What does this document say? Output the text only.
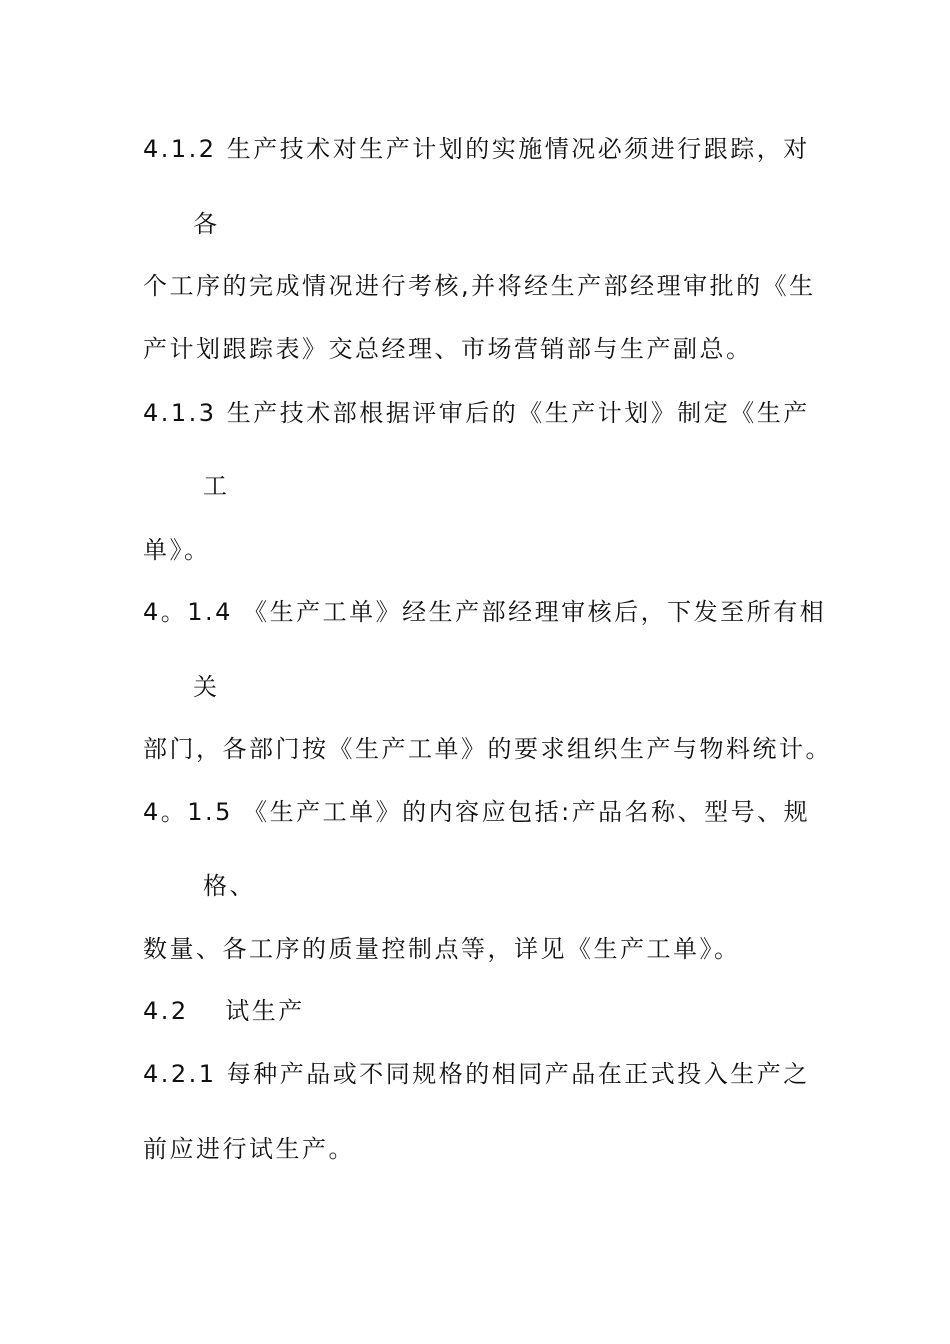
4.1.2 生产技术对生产计划的实施情况必须进行跟踪，对
各
个工序的完成情况进行考核,并将经生产部经理审批的《生
产计划跟踪表》交总经理、市场营销部与生产副总。
4.1.3 生产技术部根据评审后的《生产计划》制定《生产
工
单》。
4。1.4 《生产工单》经生产部经理审核后，下发至所有相
关
部门，各部门按《生产工单》的要求组织生产与物料统计。
4。1.5 《生产工单》的内容应包括:产品名称、型号、规
格、
数量、各工序的质量控制点等，详见《生产工单》。
4.2　 试生产
4.2.1 每种产品或不同规格的相同产品在正式投入生产之
前应进行试生产。
